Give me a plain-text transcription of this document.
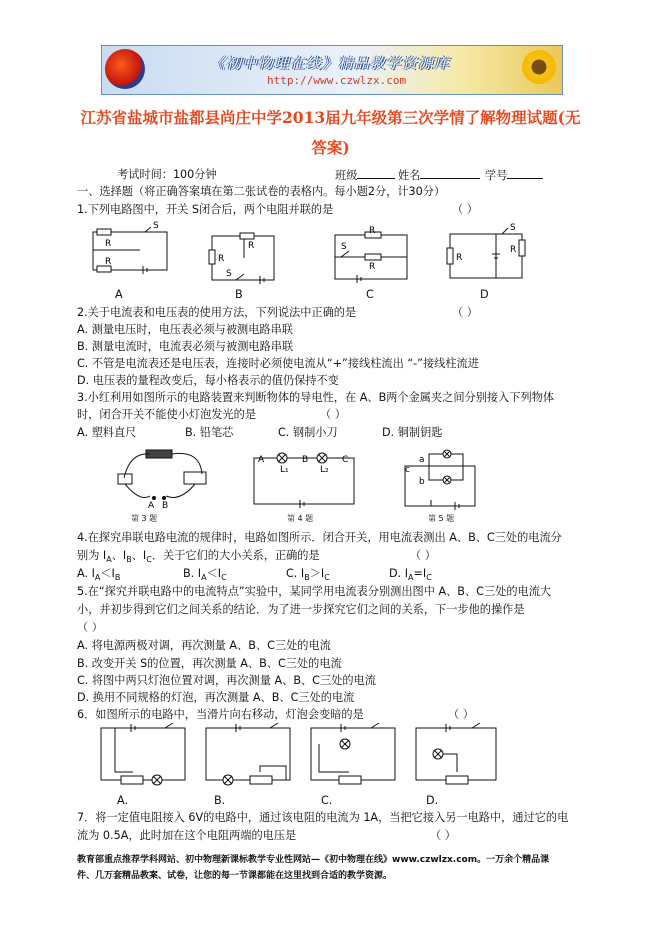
《初中物理在线》精品教学资源库
http://www.czwlzx.com
江苏省盐城市盐都县尚庄中学2013届九年级第三次学情了解物理试题(无
答案)
考试时间：100分钟	班级	姓名	学号
一、选择题（将正确答案填在第二张试卷的表格内。每小题2分，计30分）
1.下列电路图中，开关 S闭合后，两个电阻并联的是	（ ）
R
R
S
A
R
R
S
B
R
R
S
C
R
R
S
D
2.关于电流表和电压表的使用方法，下列说法中正确的是	（ ）
A. 测量电压时，电压表必须与被测电路串联
B. 测量电流时，电流表必须与被测电路串联
C. 不管是电流表还是电压表，连接时必须使电流从“+”接线柱流出 “-”接线柱流进
D. 电压表的量程改变后，每小格表示的值仍保持不变
3.小红利用如图所示的电路装置来判断物体的导电性，在 A、B两个金属夹之间分别接入下列物体
时，闭合开关不能使小灯泡发光的是	（ ）
A. 塑料直尺	B. 铅笔芯	C. 钢制小刀	D. 铜制钥匙
A B
A	B	C
L₁	L₂	c
a
b
第 3 题	第 4 题	第 5 题
4.在探究串联电路电流的规律时，电路如图所示．闭合开关，用电流表测出 A、B、C三处的电流分
别为 $I_A$、$I_B$、$I_C$．关于它们的大小关系，正确的是	（ ）
A. $I_A<I_B$	B. $I_A<I_C$	C. $I_B>I_C$	D. $I_A=I_C$
5.在“探究并联电路中的电流特点”实验中，某同学用电流表分别测出图中 A、B、C三处的电流大
小，并初步得到它们之间关系的结论．为了进一步探究它们之间的关系，下一步他的操作是
（ ）
A. 将电源两极对调，再次测量 A、B、C三处的电流
B. 改变开关 S的位置，再次测量 A、B、C三处的电流
C. 将图中两只灯泡位置对调，再次测量 A、B、C三处的电流
D. 换用不同规格的灯泡，再次测量 A、B、C三处的电流
6．如图所示的电路中，当滑片向右移动，灯泡会变暗的是	（ ）
A.	B.	C.	D.
7．将一定值电阻接入 6V的电路中，通过该电阻的电流为 1A，当把它接入另一电路中，通过它的电
流为 0.5A，此时加在这个电阻两端的电压是	（ ）
教育部重点推荐学科网站、初中物理新课标教学专业性网站—《初中物理在线》www.czwlzx.com。一万余个精品课
件、几万套精品教案、试卷，让您的每一节课都能在这里找到合适的教学资源。
